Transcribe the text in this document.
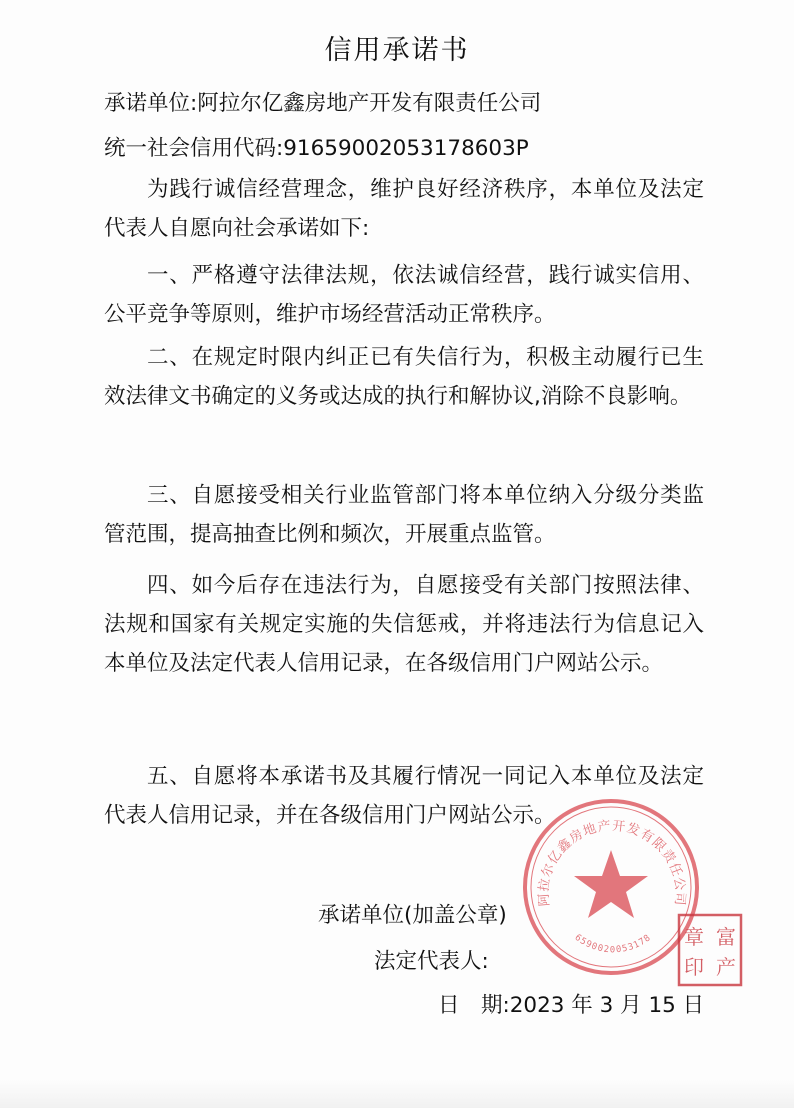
信用承诺书
承诺单位:阿拉尔亿鑫房地产开发有限责任公司
统一社会信用代码:91659002053178603P
为践行诚信经营理念，维护良好经济秩序，本单位及法定代表人自愿向社会承诺如下:
一、严格遵守法律法规，依法诚信经营，践行诚实信用、公平竞争等原则，维护市场经营活动正常秩序。
二、在规定时限内纠正已有失信行为，积极主动履行已生效法律文书确定的义务或达成的执行和解协议,消除不良影响。
三、自愿接受相关行业监管部门将本单位纳入分级分类监管范围，提高抽查比例和频次，开展重点监管。
四、如今后存在违法行为，自愿接受有关部门按照法律、法规和国家有关规定实施的失信惩戒，并将违法行为信息记入本单位及法定代表人信用记录，在各级信用门户网站公示。
五、自愿将本承诺书及其履行情况一同记入本单位及法定代表人信用记录，并在各级信用门户网站公示。
承诺单位(加盖公章)
法定代表人:
日　期:2023 年 3 月 15 日
阿拉尔亿鑫房地产开发有限责任公司
6590020053178	富
章
产
印
